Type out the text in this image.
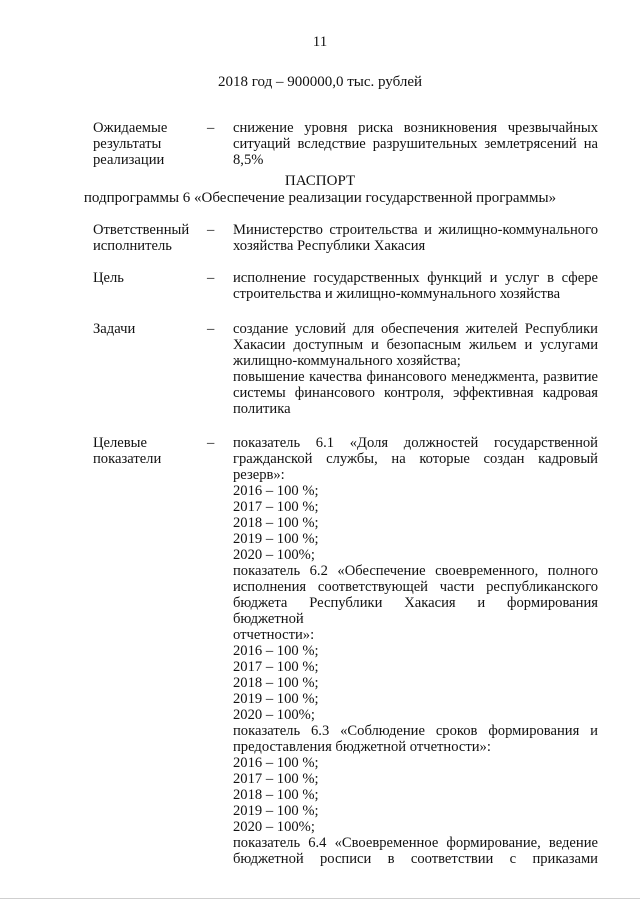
11
2018 год – 900000,0 тыс. рублей
Ожидаемые
результаты
реализации
– снижение уровня риска возникновения чрезвычайных
ситуаций вследствие разрушительных землетрясений на
8,5%
ПАСПОРТ
подпрограммы 6 «Обеспечение реализации государственной программы»
Ответственный
исполнитель
– Министерство строительства и жилищно-коммунального
хозяйства Республики Хакасия
Цель	– исполнение государственных функций и услуг в сфере
строительства и жилищно-коммунального хозяйства
Задачи	– создание условий для обеспечения жителей Республики
Хакасии доступным и безопасным жильем и услугами
жилищно-коммунального хозяйства;
повышение качества финансового менеджмента, развитие
системы финансового контроля, эффективная кадровая
политика
Целевые
показатели
– показатель 6.1 «Доля должностей государственной
гражданской службы, на которые создан кадровый резерв»:
2016 – 100 %;
2017 – 100 %;
2018 – 100 %;
2019 – 100 %;
2020 – 100%;
показатель 6.2 «Обеспечение своевременного, полного
исполнения соответствующей части республиканского
бюджета Республики Хакасия и формирования бюджетной
отчетности»:
2016 – 100 %;
2017 – 100 %;
2018 – 100 %;
2019 – 100 %;
2020 – 100%;
показатель 6.3 «Соблюдение сроков формирования и
предоставления бюджетной отчетности»:
2016 – 100 %;
2017 – 100 %;
2018 – 100 %;
2019 – 100 %;
2020 – 100%;
показатель 6.4 «Своевременное формирование, ведение
бюджетной росписи в соответствии с приказами
